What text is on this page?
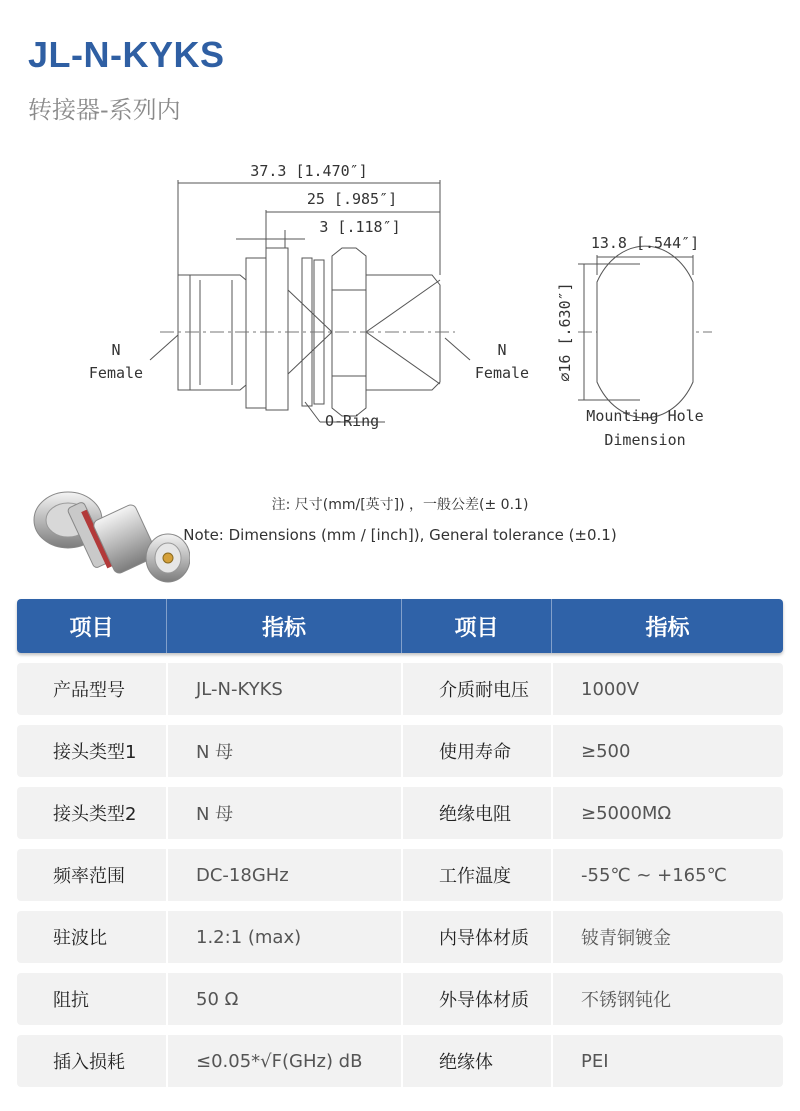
JL-N-KYKS
转接器-系列内
37.3 [1.470″]
25 [.985″]
3 [.118″]
N
Female
N
Female
O-Ring
13.8 [.544″]
⌀16 [.630″]
Mounting Hole
Dimension
注: 尺寸(mm/[英寸]) ，一般公差(± 0.1)
Note: Dimensions (mm / [inch]), General tolerance (±0.1)
项目	指标	项目	指标
产品型号	JL-N-KYKS	介质耐电压	1000V
接头类型1	N 母	使用寿命	≥500
接头类型2	N 母	绝缘电阻	≥5000MΩ
频率范围	DC-18GHz	工作温度	-55℃ ~ +165℃
驻波比	1.2:1 (max)	内导体材质	铍青铜镀金
阻抗	50 Ω	外导体材质	不锈钢钝化
插入损耗	≤0.05*√F(GHz) dB	绝缘体	PEI
